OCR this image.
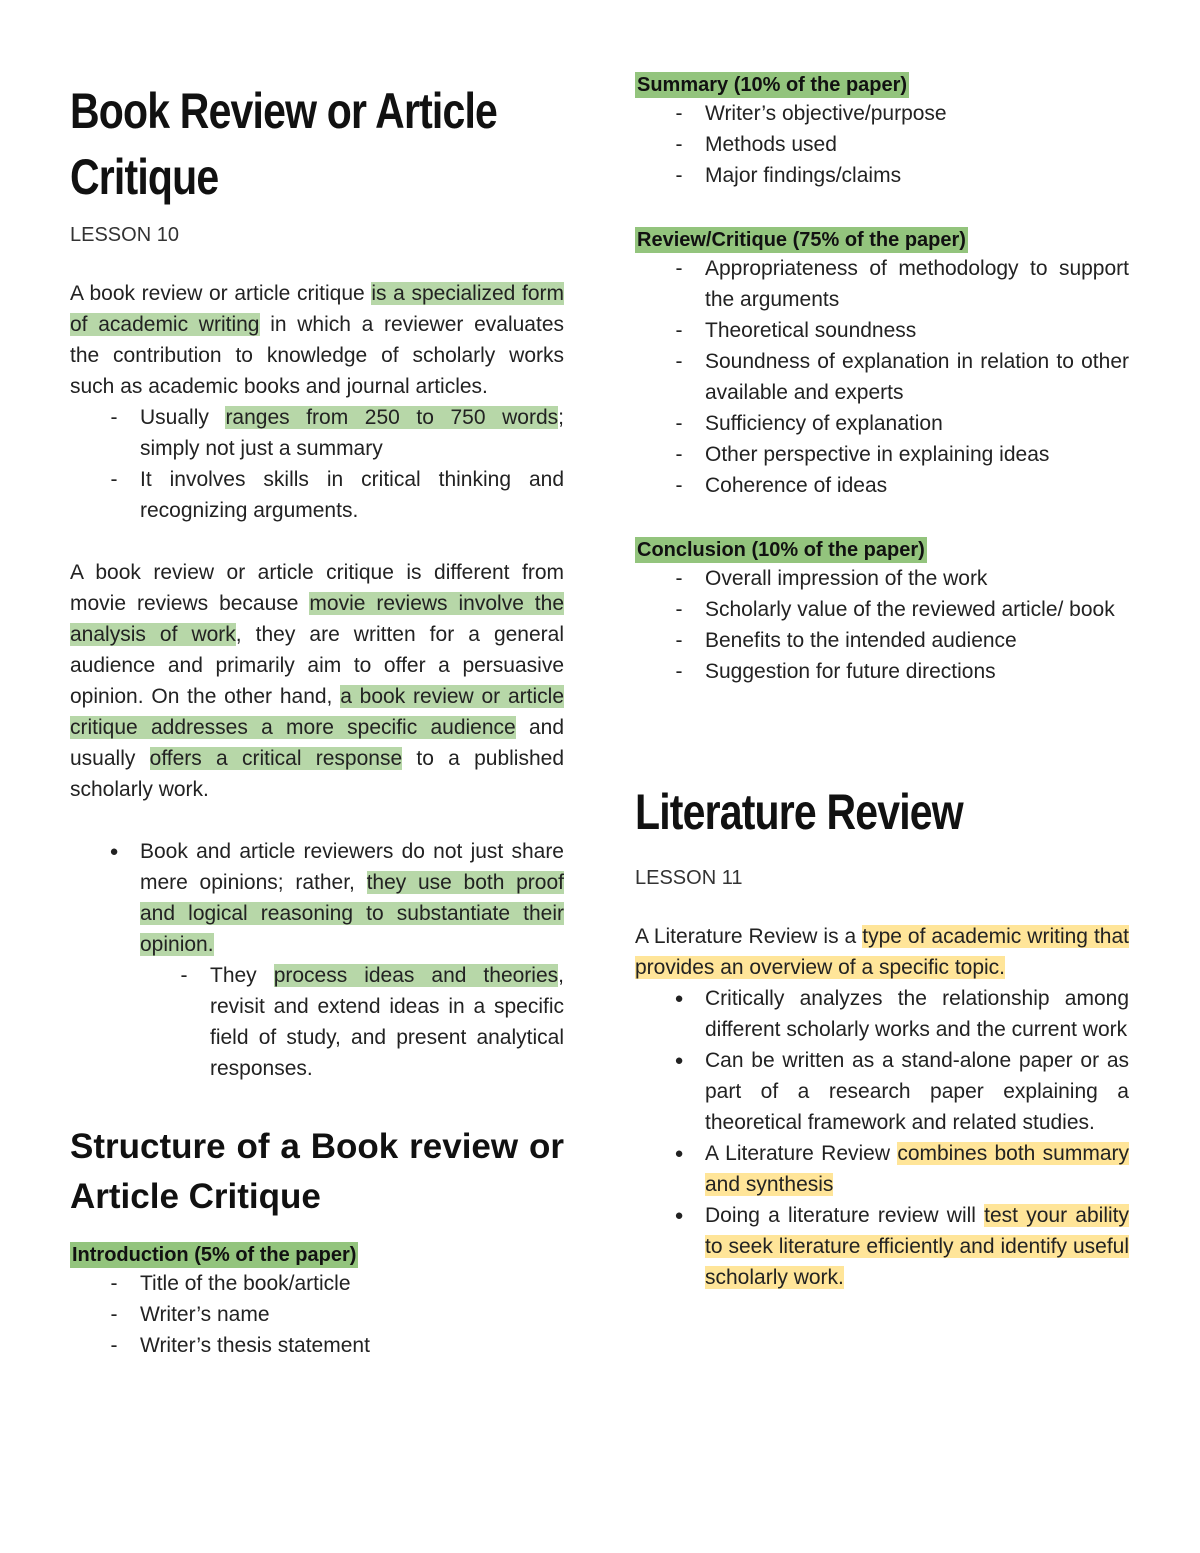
Book Review or Article
Critique
LESSON 10

A book review or article critique is a specialized form of academic writing in which a reviewer evaluates the contribution to knowledge of scholarly works such as academic books and journal articles.

-	Usually ranges from 250 to 750 words; simply not just a summary
-	It involves skills in critical thinking and recognizing arguments.

A book review or article critique is different from movie reviews because movie reviews involve the analysis of work, they are written for a general audience and primarily aim to offer a persuasive opinion. On the other hand, a book review or article critique addresses a more specific audience and usually offers a critical response to a published scholarly work.

● Book and article reviewers do not just share mere opinions; rather, they use both proof and logical reasoning to substantiate their opinion.
-	They process ideas and theories, revisit and extend ideas in a specific field of study, and present analytical responses.
Structure of a Book review or Article Critique
Introduction (5% of the paper)
-	Title of the book/article
-	Writer’s name
-	Writer’s thesis statement
Summary (10% of the paper)
-	Writer’s objective/purpose
-	Methods used
-	Major findings/claims
Review/Critique (75% of the paper)
-	Appropriateness of methodology to support the arguments
-	Theoretical soundness
-	Soundness of explanation in relation to other available and experts
-	Sufficiency of explanation
-	Other perspective in explaining ideas
-	Coherence of ideas
Conclusion (10% of the paper)
-	Overall impression of the work
-	Scholarly value of the reviewed article/ book
-	Benefits to the intended audience
-	Suggestion for future directions
Literature Review
LESSON 11

A Literature Review is a type of academic writing that provides an overview of a specific topic.

● Critically analyzes the relationship among different scholarly works and the current work
● Can be written as a stand-alone paper or as part of a research paper explaining a theoretical framework and related studies.
● A Literature Review combines both summary and synthesis
● Doing a literature review will test your ability to seek literature efficiently and identify useful scholarly work.
